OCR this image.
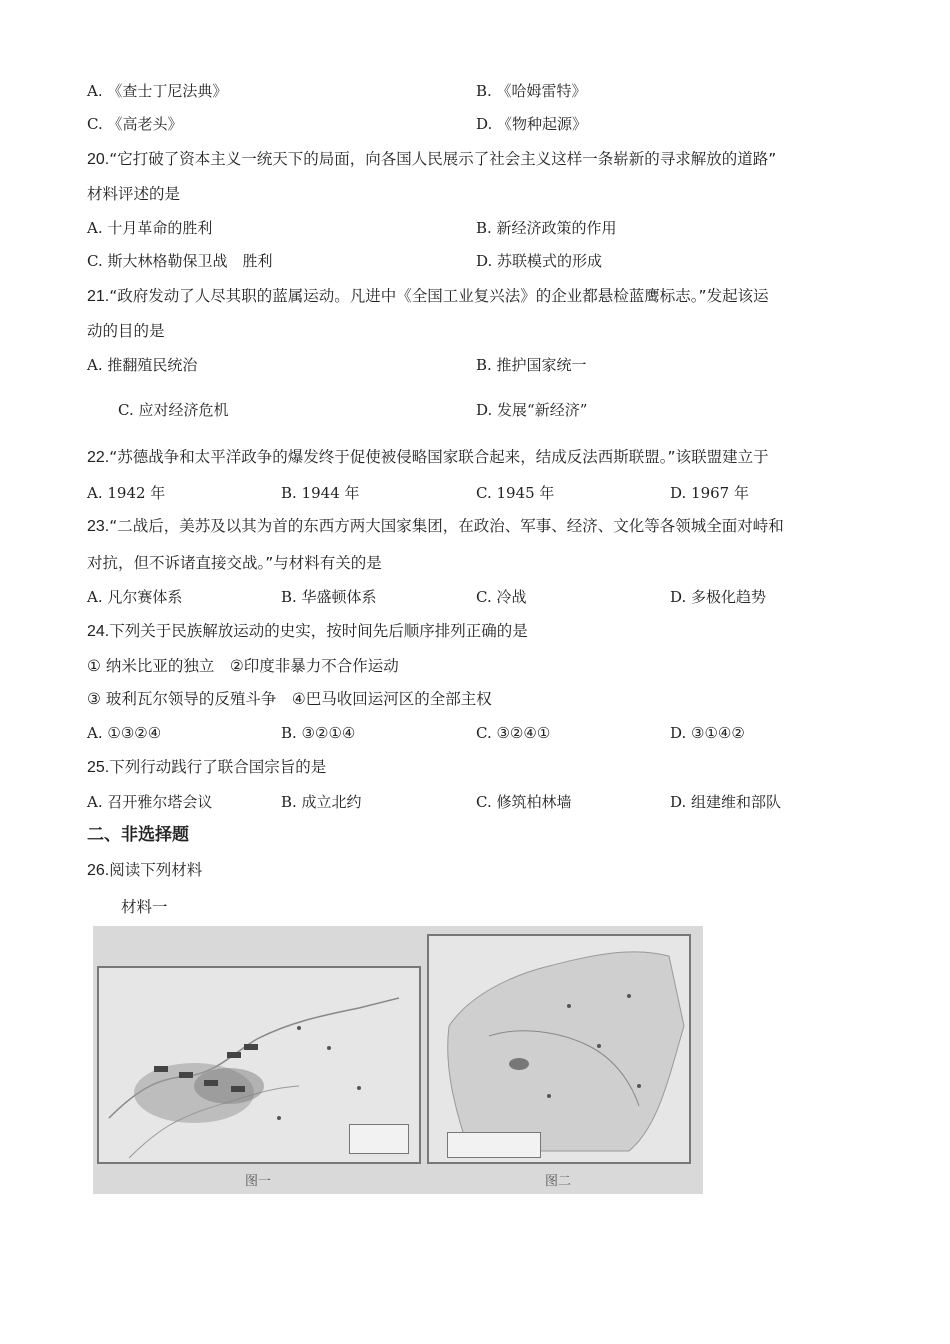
A. 《查士丁尼法典》	B. 《哈姆雷特》
C. 《高老头》	D. 《物种起源》
20.“它打破了资本主义一统天下的局面，向各国人民展示了社会主义这样一条崭新的寻求解放的道路”
材料评述的是
A. 十月革命的胜利	B. 新经济政策的作用
C. 斯大林格勒保卫战　胜利	D. 苏联模式的形成
21.“政府发动了人尽其职的蓝属运动。凡进中《全国工业复兴法》的企业都悬检蓝鹰标志。”发起该运
动的目的是
A. 推翻殖民统治	B. 推护国家统一
C. 应对经济危机	D. 发展“新经济”
22.“苏德战争和太平洋政争的爆发终于促使被侵略国家联合起来，结成反法西斯联盟。”该联盟建立于
A. 1942 年	B. 1944 年	C. 1945 年	D. 1967 年
23.“二战后，美苏及以其为首的东西方两大国家集团，在政治、军事、经济、文化等各领城全面对峙和
对抗，但不诉诸直接交战。”与材料有关的是
A. 凡尔赛体系	B. 华盛顿体系	C. 冷战	D. 多极化趋势
24.下列关于民族解放运动的史实，按时间先后顺序排列正确的是
① 纳米比亚的独立　②印度非暴力不合作运动
③ 玻利瓦尔领导的反殖斗争　④巴马收回运河区的全部主权
A. ①③②④	B. ③②①④	C. ③②④①	D. ③①④②
25.下列行动践行了联合国宗旨的是
A. 召开雅尔塔会议	B. 成立北约	C. 修筑柏林墙	D. 组建维和部队
二、非选择题
26.阅读下列材料
材料一
图一	图二
